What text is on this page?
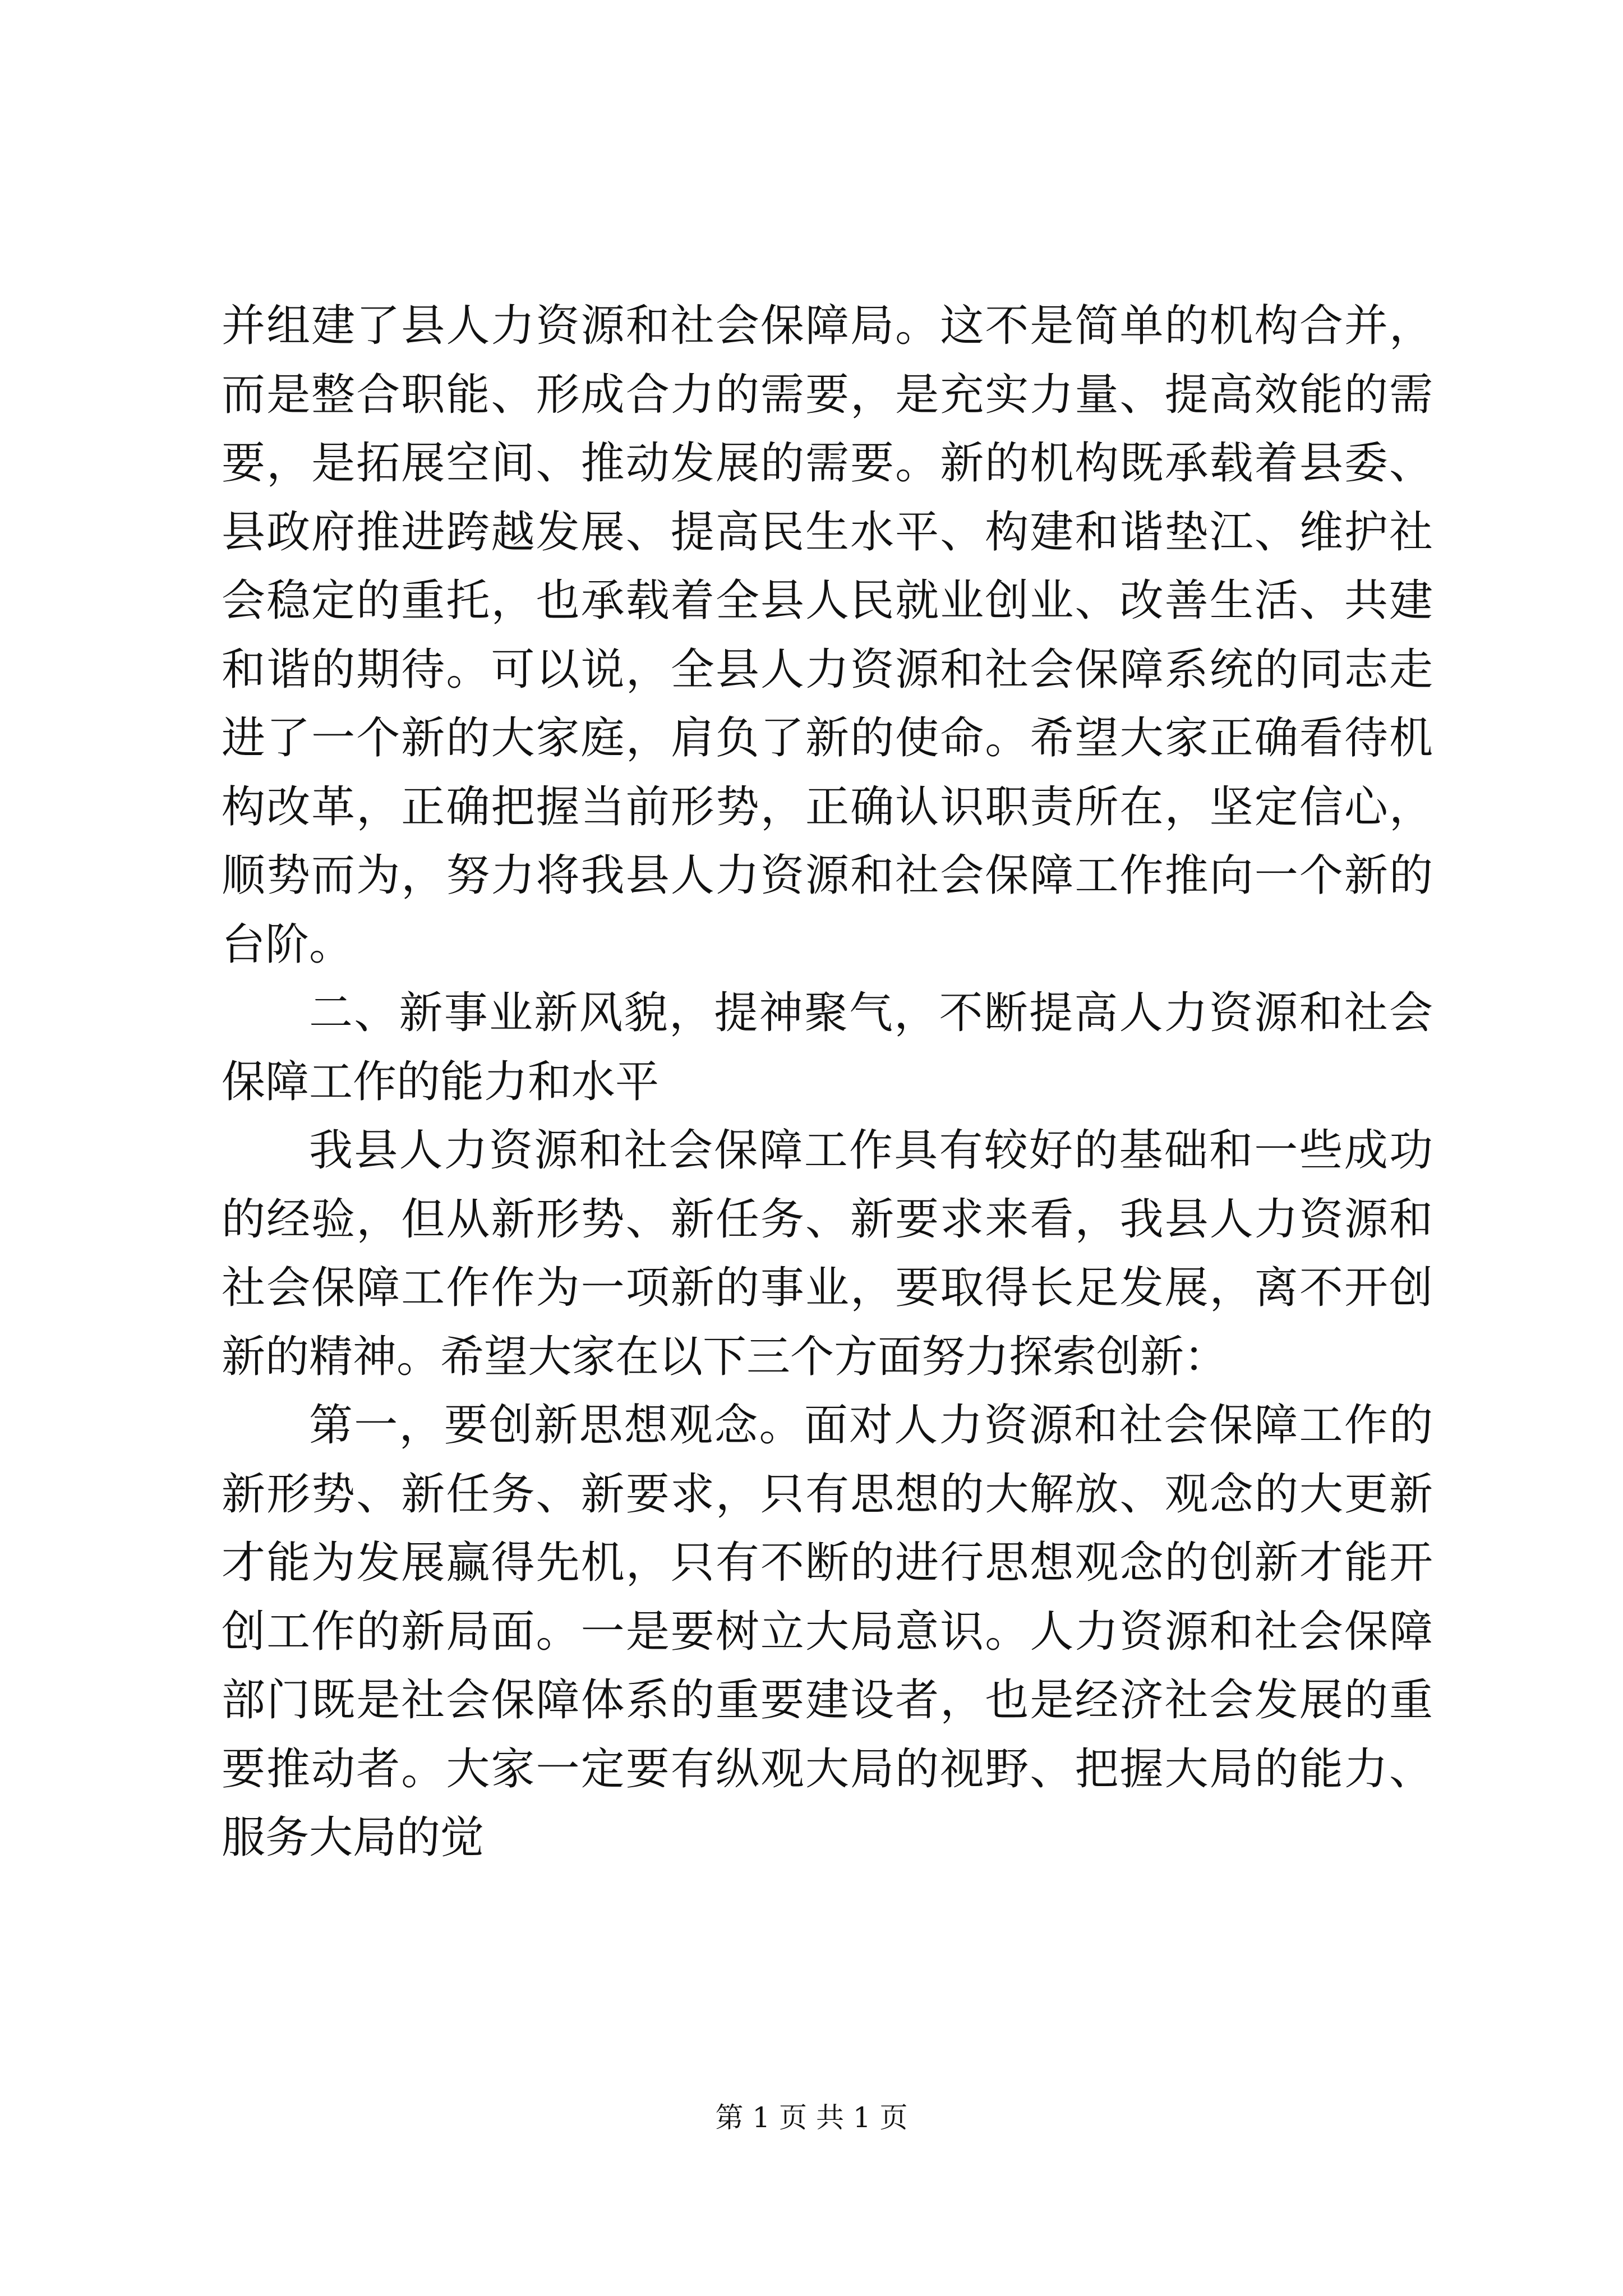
并组建了县人力资源和社会保障局。这不是简单的机构合并，而是整合职能、形成合力的需要，是充实力量、提高效能的需要，是拓展空间、推动发展的需要。新的机构既承载着县委、县政府推进跨越发展、提高民生水平、构建和谐垫江、维护社会稳定的重托，也承载着全县人民就业创业、改善生活、共建和谐的期待。可以说，全县人力资源和社会保障系统的同志走进了一个新的大家庭，肩负了新的使命。希望大家正确看待机构改革，正确把握当前形势，正确认识职责所在，坚定信心，顺势而为，努力将我县人力资源和社会保障工作推向一个新的台阶。

二、新事业新风貌，提神聚气，不断提高人力资源和社会保障工作的能力和水平

我县人力资源和社会保障工作具有较好的基础和一些成功的经验，但从新形势、新任务、新要求来看，我县人力资源和社会保障工作作为一项新的事业，要取得长足发展，离不开创新的精神。希望大家在以下三个方面努力探索创新：

第一，要创新思想观念。面对人力资源和社会保障工作的新形势、新任务、新要求，只有思想的大解放、观念的大更新才能为发展赢得先机，只有不断的进行思想观念的创新才能开创工作的新局面。一是要树立大局意识。人力资源和社会保障部门既是社会保障体系的重要建设者，也是经济社会发展的重要推动者。大家一定要有纵观大局的视野、把握大局的能力、服务大局的觉

第 1 页 共 1 页
